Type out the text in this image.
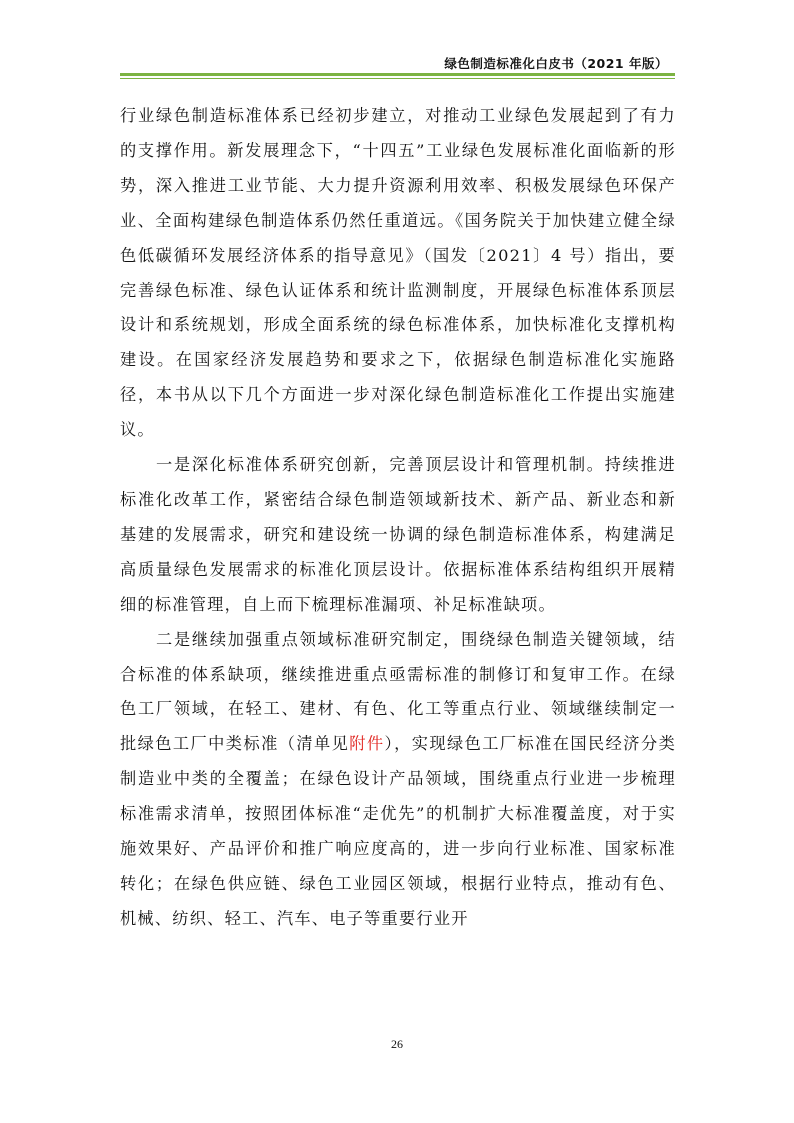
绿色制造标准化白皮书（2021 年版）

行业绿色制造标准体系已经初步建立，对推动工业绿色发展起到了有力的支撑作用。新发展理念下，“十四五”工业绿色发展标准化面临新的形势，深入推进工业节能、大力提升资源利用效率、积极发展绿色环保产业、全面构建绿色制造体系仍然任重道远。《国务院关于加快建立健全绿色低碳循环发展经济体系的指导意见》（国发〔2021〕4 号）指出，要完善绿色标准、绿色认证体系和统计监测制度，开展绿色标准体系顶层设计和系统规划，形成全面系统的绿色标准体系，加快标准化支撑机构建设。在国家经济发展趋势和要求之下，依据绿色制造标准化实施路径，本书从以下几个方面进一步对深化绿色制造标准化工作提出实施建议。

一是深化标准体系研究创新，完善顶层设计和管理机制。持续推进标准化改革工作，紧密结合绿色制造领域新技术、新产品、新业态和新基建的发展需求，研究和建设统一协调的绿色制造标准体系，构建满足高质量绿色发展需求的标准化顶层设计。依据标准体系结构组织开展精细的标准管理，自上而下梳理标准漏项、补足标准缺项。

二是继续加强重点领域标准研究制定，围绕绿色制造关键领域，结合标准的体系缺项，继续推进重点亟需标准的制修订和复审工作。在绿色工厂领域，在轻工、建材、有色、化工等重点行业、领域继续制定一批绿色工厂中类标准（清单见附件），实现绿色工厂标准在国民经济分类制造业中类的全覆盖；在绿色设计产品领域，围绕重点行业进一步梳理标准需求清单，按照团体标准“走优先”的机制扩大标准覆盖度，对于实施效果好、产品评价和推广响应度高的，进一步向行业标准、国家标准转化；在绿色供应链、绿色工业园区领域，根据行业特点，推动有色、机械、纺织、轻工、汽车、电子等重要行业开

26
